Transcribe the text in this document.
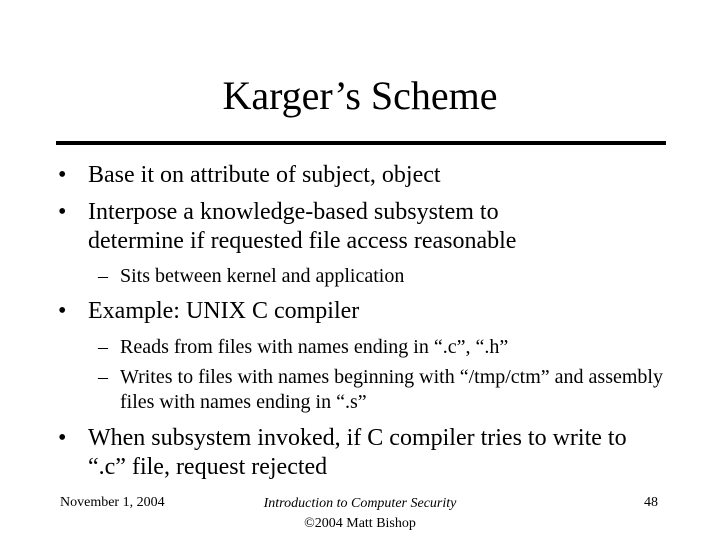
Karger’s Scheme
• Base it on attribute of subject, object
• Interpose a knowledge-based subsystem to determine if requested file access reasonable
– Sits between kernel and application
• Example: UNIX C compiler
– Reads from files with names ending in “.c”, “.h”
– Writes to files with names beginning with “/tmp/ctm” and assembly files with names ending in “.s”
• When subsystem invoked, if C compiler tries to write to “.c” file, request rejected
November 1, 2004	Introduction to Computer Security
©2004 Matt Bishop
48
